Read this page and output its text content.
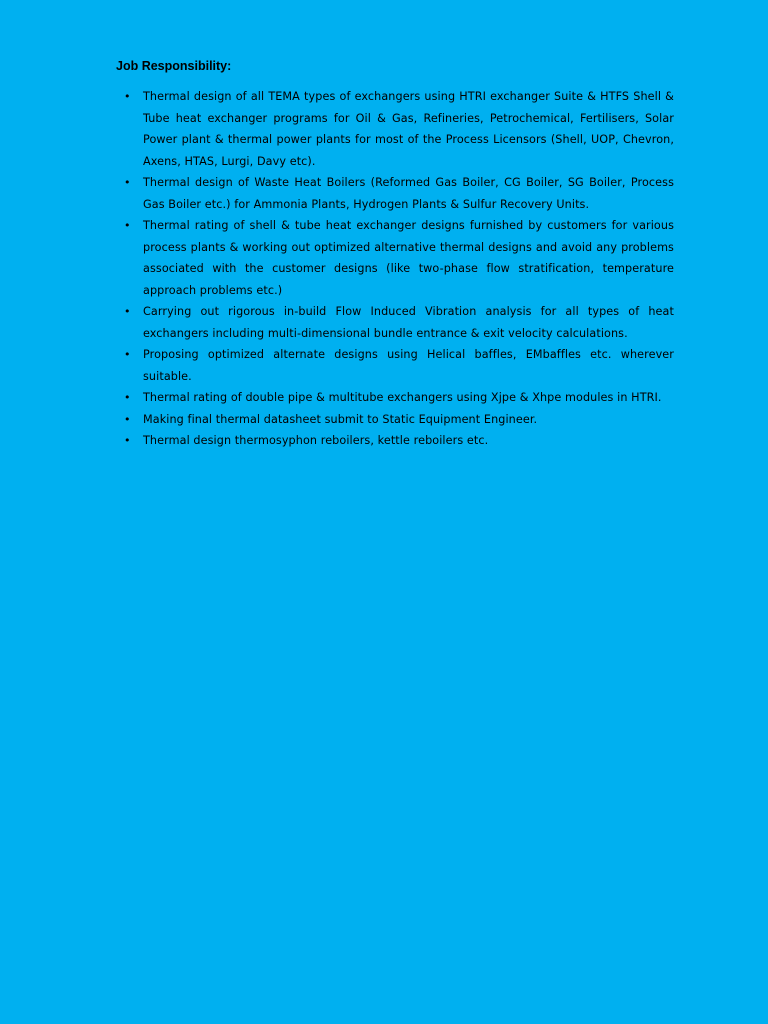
Job Responsibility:
• Thermal design of all TEMA types of exchangers using HTRI exchanger Suite & HTFS Shell & Tube heat exchanger programs for Oil & Gas, Refineries, Petrochemical, Fertilisers, Solar Power plant & thermal power plants for most of the Process Licensors (Shell, UOP, Chevron, Axens, HTAS, Lurgi, Davy etc).
• Thermal design of Waste Heat Boilers (Reformed Gas Boiler, CG Boiler, SG Boiler, Process Gas Boiler etc.) for Ammonia Plants, Hydrogen Plants & Sulfur Recovery Units.
• Thermal rating of shell & tube heat exchanger designs furnished by customers for various process plants & working out optimized alternative thermal designs and avoid any problems associated with the customer designs (like two-phase flow stratification, temperature approach problems etc.)
• Carrying out rigorous in-build Flow Induced Vibration analysis for all types of heat exchangers including multi-dimensional bundle entrance & exit velocity calculations.
• Proposing optimized alternate designs using Helical baffles, EMbaffles etc. wherever suitable.
• Thermal rating of double pipe & multitube exchangers using Xjpe & Xhpe modules in HTRI.
• Making final thermal datasheet submit to Static Equipment Engineer.
• Thermal design thermosyphon reboilers, kettle reboilers etc.
